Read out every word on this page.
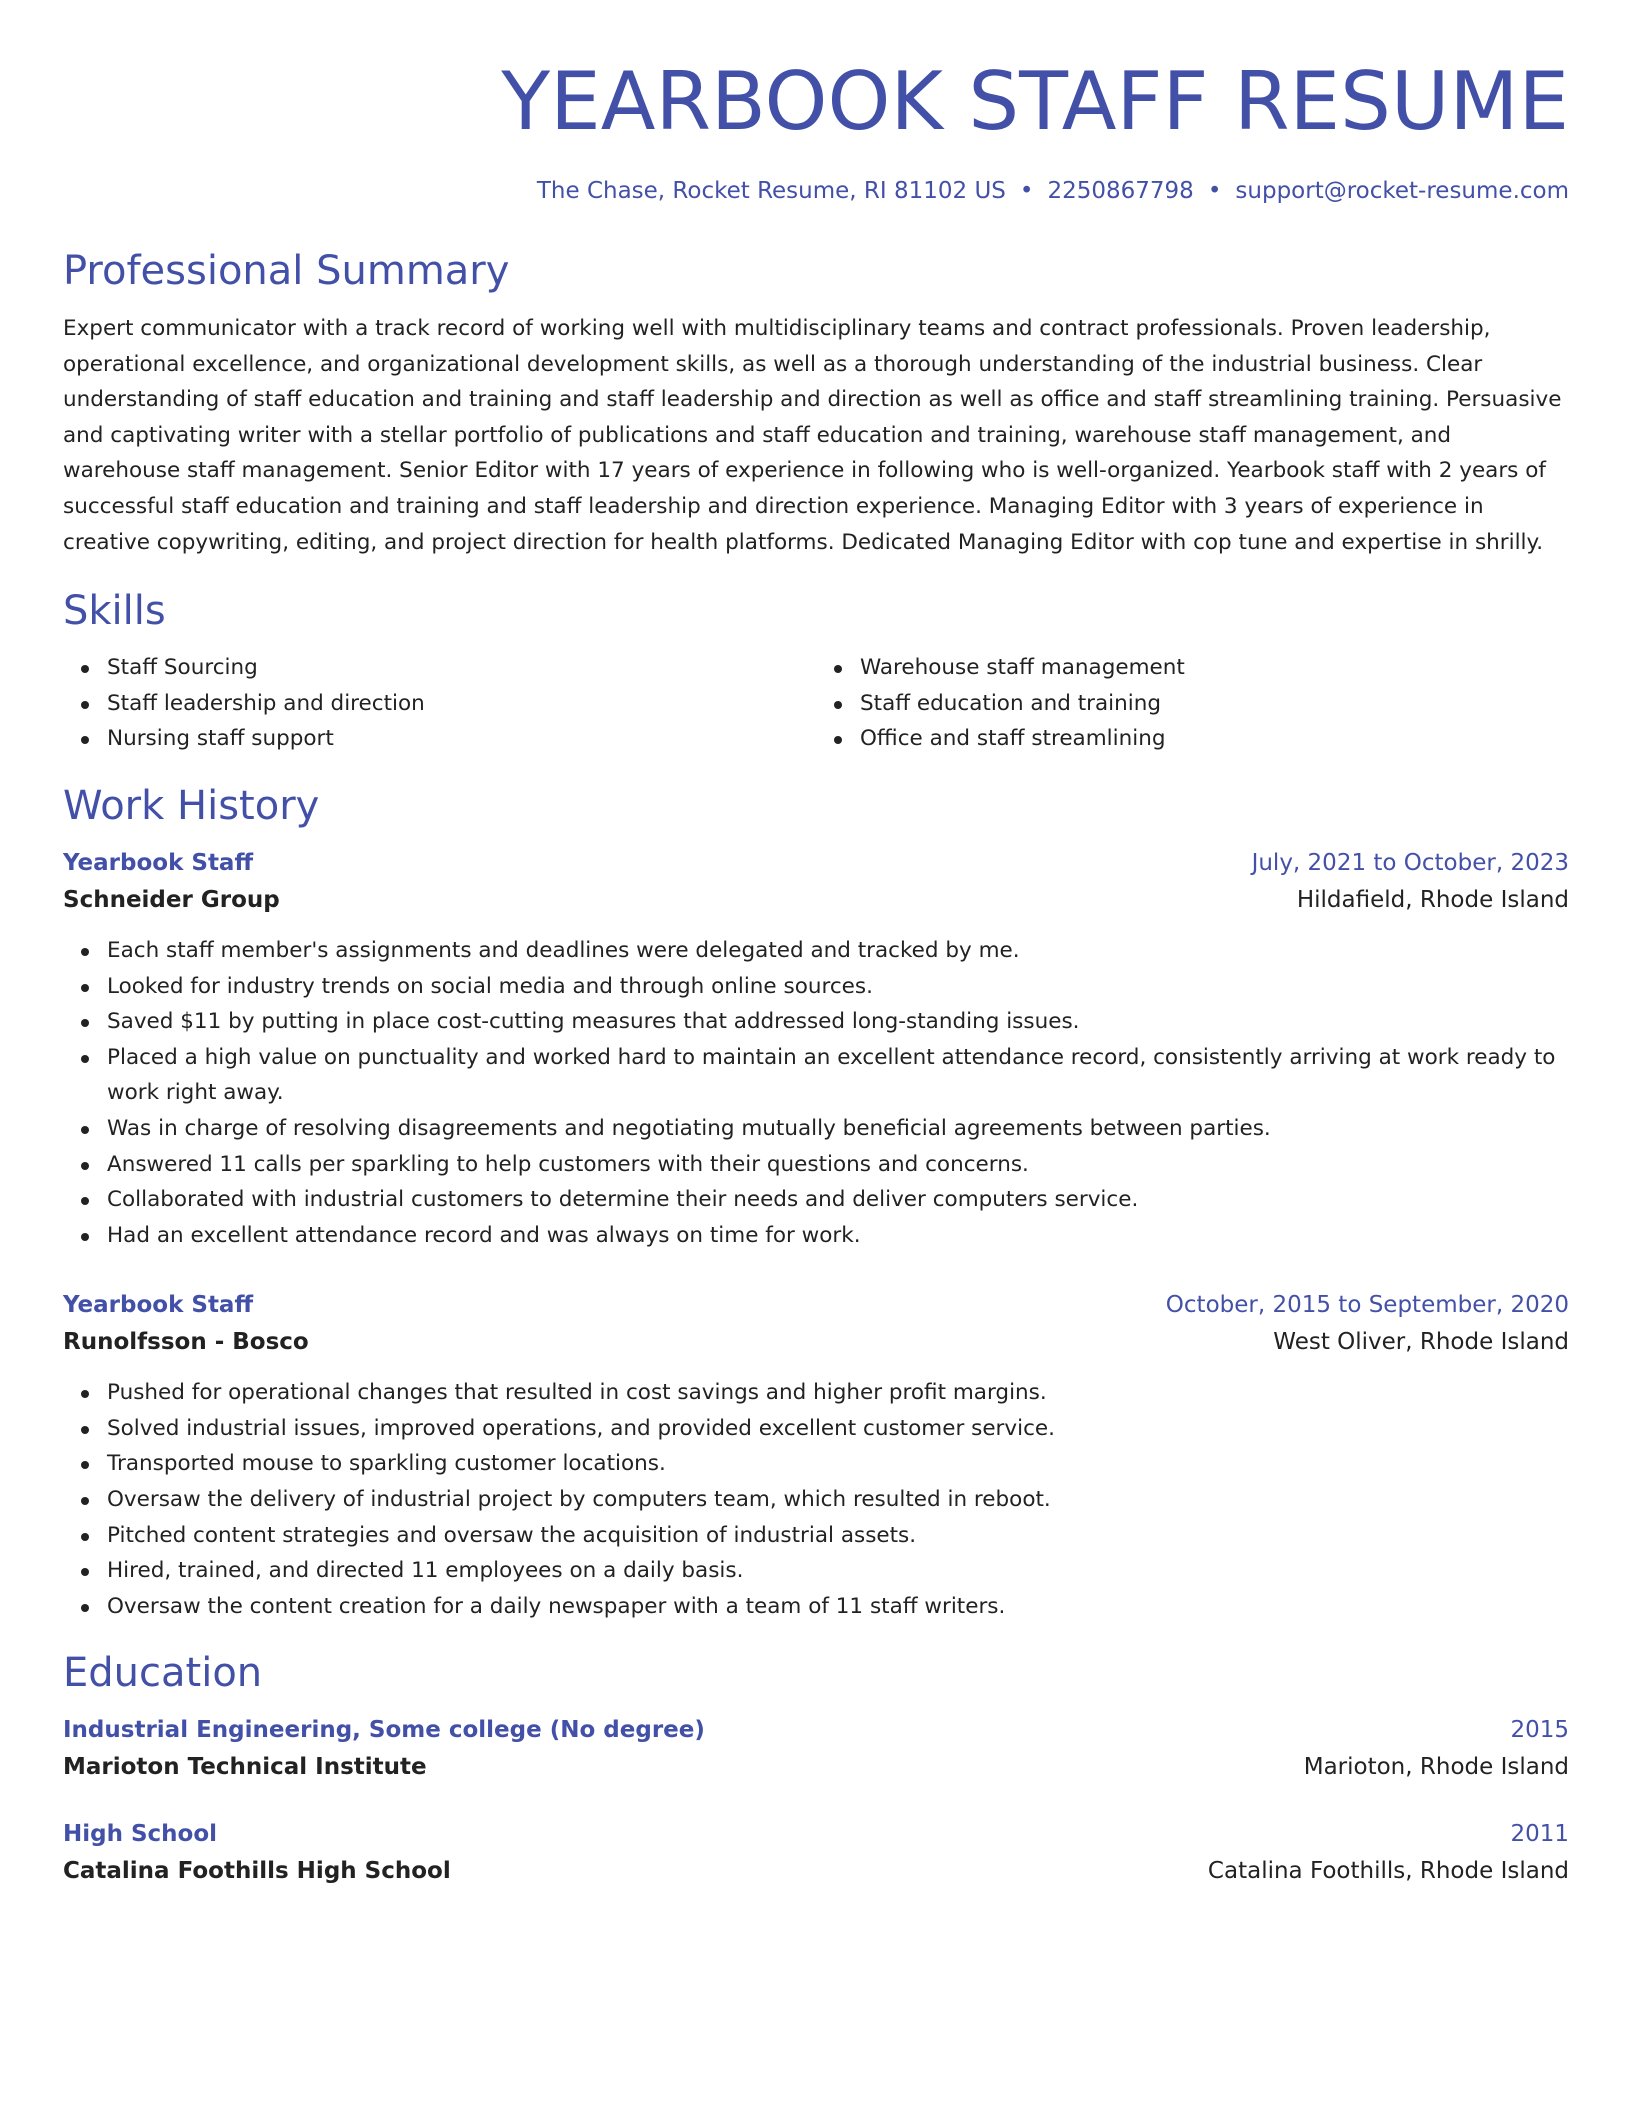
YEARBOOK STAFF RESUME
The Chase, Rocket Resume, RI 81102 US • 2250867798 • support@rocket-resume.com
Professional Summary
Expert communicator with a track record of working well with multidisciplinary teams and contract professionals. Proven leadership, operational excellence, and organizational development skills, as well as a thorough understanding of the industrial business. Clear understanding of staff education and training and staff leadership and direction as well as office and staff streamlining training. Persuasive and captivating writer with a stellar portfolio of publications and staff education and training, warehouse staff management, and warehouse staff management. Senior Editor with 17 years of experience in following who is well-organized. Yearbook staff with 2 years of successful staff education and training and staff leadership and direction experience. Managing Editor with 3 years of experience in creative copywriting, editing, and project direction for health platforms. Dedicated Managing Editor with cop tune and expertise in shrilly.
Skills
Staff Sourcing
Staff leadership and direction
Nursing staff support
Warehouse staff management
Staff education and training
Office and staff streamlining
Work History
Yearbook Staff	July, 2021 to October, 2023
Schneider Group	Hildafield, Rhode Island
Each staff member's assignments and deadlines were delegated and tracked by me.
Looked for industry trends on social media and through online sources.
Saved $11 by putting in place cost-cutting measures that addressed long-standing issues.
Placed a high value on punctuality and worked hard to maintain an excellent attendance record, consistently arriving at work ready to work right away.
Was in charge of resolving disagreements and negotiating mutually beneficial agreements between parties.
Answered 11 calls per sparkling to help customers with their questions and concerns.
Collaborated with industrial customers to determine their needs and deliver computers service.
Had an excellent attendance record and was always on time for work.
Yearbook Staff	October, 2015 to September, 2020
Runolfsson - Bosco	West Oliver, Rhode Island
Pushed for operational changes that resulted in cost savings and higher profit margins.
Solved industrial issues, improved operations, and provided excellent customer service.
Transported mouse to sparkling customer locations.
Oversaw the delivery of industrial project by computers team, which resulted in reboot.
Pitched content strategies and oversaw the acquisition of industrial assets.
Hired, trained, and directed 11 employees on a daily basis.
Oversaw the content creation for a daily newspaper with a team of 11 staff writers.
Education
Industrial Engineering, Some college (No degree)	2015
Marioton Technical Institute	Marioton, Rhode Island
High School	2011
Catalina Foothills High School	Catalina Foothills, Rhode Island
